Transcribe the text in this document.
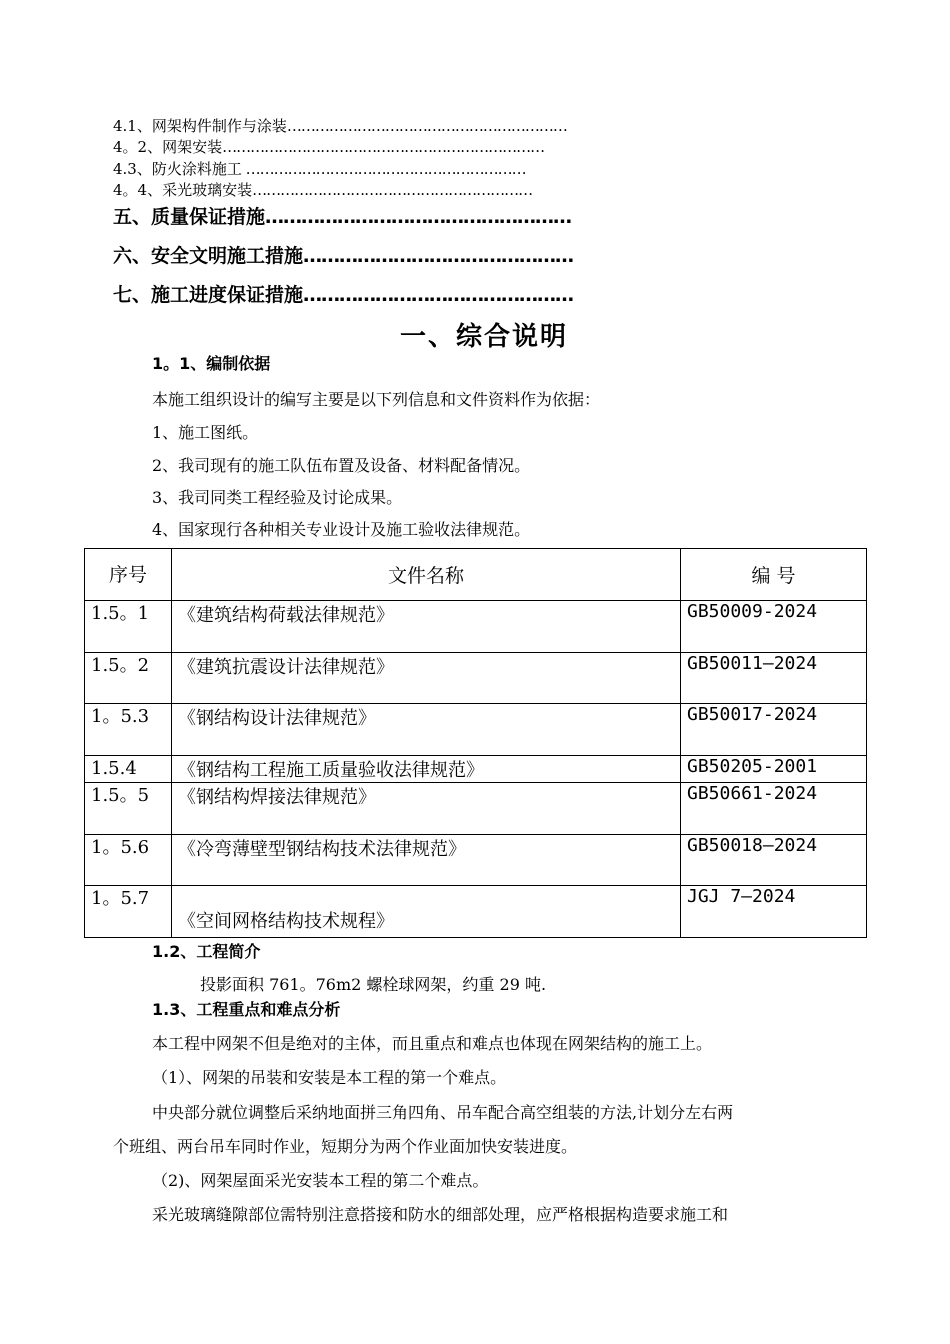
4.1、网架构件制作与涂装……………………………………………………
4。2、网架安装……………………………………………………………
4.3、防火涂料施工 ……………………………………………………
4。4、采光玻璃安装……………………………………………………
五、质量保证措施……………………………………………
六、安全文明施工措施………………………………………
七、施工进度保证措施………………………………………
一、综合说明
1。1、编制依据
本施工组织设计的编写主要是以下列信息和文件资料作为依据：
1、施工图纸。
2、我司现有的施工队伍布置及设备、材料配备情况。
3、我司同类工程经验及讨论成果。
4、国家现行各种相关专业设计及施工验收法律规范。
序号	文件名称	编 号
1.5。1	《建筑结构荷载法律规范》	GB50009-2024
1.5。2	《建筑抗震设计法律规范》	GB50011—2024
1。5.3	《钢结构设计法律规范》	GB50017-2024
1.5.4	《钢结构工程施工质量验收法律规范》	GB50205-2001
1.5。5	《钢结构焊接法律规范》	GB50661-2024
1。5.6	《冷弯薄壁型钢结构技术法律规范》	GB50018—2024
1。5.7	《空间网格结构技术规程》	JGJ 7—2024
1.2、工程简介
投影面积 761。76m2 螺栓球网架，约重 29 吨.
1.3、工程重点和难点分析
本工程中网架不但是绝对的主体，而且重点和难点也体现在网架结构的施工上。
（1）、网架的吊装和安装是本工程的第一个难点。
中央部分就位调整后采纳地面拼三角四角、吊车配合高空组装的方法,计划分左右两
个班组、两台吊车同时作业，短期分为两个作业面加快安装进度。
（2)、网架屋面采光安装本工程的第二个难点。
采光玻璃缝隙部位需特别注意搭接和防水的细部处理，应严格根据构造要求施工和
